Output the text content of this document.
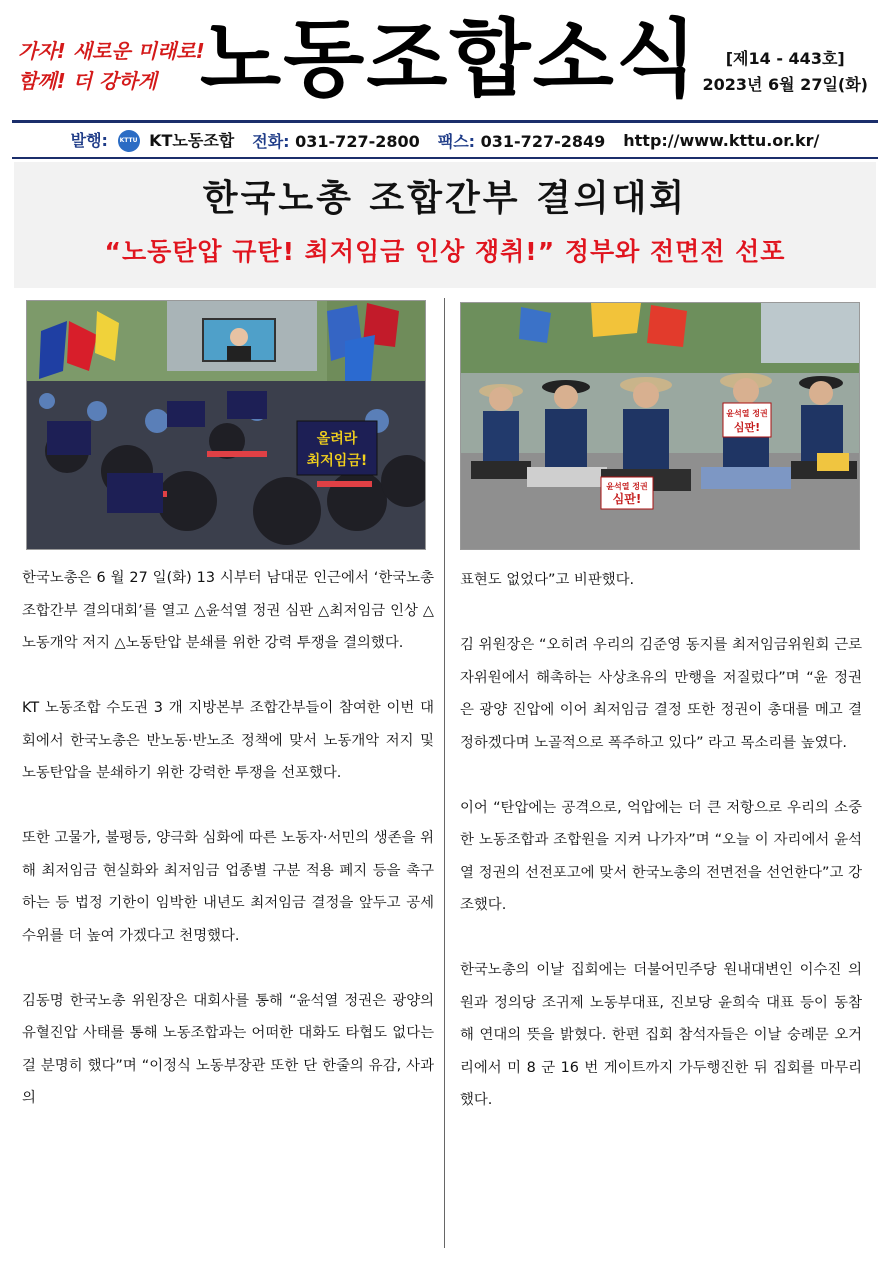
가자! 새로운 미래로!
함께! 더 강하게 노동조합소식	[제14 - 443호]
2023년 6월 27일(화)
발행: KTTU KT노동조합 전화: 031-727-2800 팩스: 031-727-2849 http://www.kttu.or.kr/
한국노총 조합간부 결의대회
“노동탄압 규탄! 최저임금 인상 쟁취!” 정부와 전면전 선포
올려라
최저임금!
윤석열 정권
심판!
윤석열 정권
심판!

한국노총은 6 월 27 일(화) 13 시부터 남대문 인근에서 ‘한국노총 조합간부 결의대회’를 열고 △윤석열 정권 심판 △최저임금 인상 △노동개악 저지 △노동탄압 분쇄를 위한 강력 투쟁을 결의했다.

KT 노동조합 수도권 3 개 지방본부 조합간부들이 참여한 이번 대회에서 한국노총은 반노동·반노조 정책에 맞서 노동개악 저지 및 노동탄압을 분쇄하기 위한 강력한 투쟁을 선포했다.

또한 고물가, 불평등, 양극화 심화에 따른 노동자·서민의 생존을 위해 최저임금 현실화와 최저임금 업종별 구분 적용 폐지 등을 촉구하는 등 법정 기한이 임박한 내년도 최저임금 결정을 앞두고 공세 수위를 더 높여 가겠다고 천명했다.

김동명 한국노총 위원장은 대회사를 통해 “윤석열 정권은 광양의 유혈진압 사태를 통해 노동조합과는 어떠한 대화도 타협도 없다는 걸 분명히 했다”며 “이정식 노동부장관 또한 단 한줄의 유감, 사과의

표현도 없었다”고 비판했다.

김 위원장은 “오히려 우리의 김준영 동지를 최저임금위원회 근로자위원에서 해촉하는 사상초유의 만행을 저질렀다”며 “윤 정권은 광양 진압에 이어 최저임금 결정 또한 정권이 총대를 메고 결정하겠다며 노골적으로 폭주하고 있다” 라고 목소리를 높였다.

이어 “탄압에는 공격으로, 억압에는 더 큰 저항으로 우리의 소중한 노동조합과 조합원을 지켜 나가자”며 “오늘 이 자리에서 윤석열 정권의 선전포고에 맞서 한국노총의 전면전을 선언한다”고 강조했다.

한국노총의 이날 집회에는 더불어민주당 원내대변인 이수진 의원과 정의당 조귀제 노동부대표, 진보당 윤희숙 대표 등이 동참해 연대의 뜻을 밝혔다. 한편 집회 참석자들은 이날 숭례문 오거리에서 미 8 군 16 번 게이트까지 가두행진한 뒤 집회를 마무리했다.
